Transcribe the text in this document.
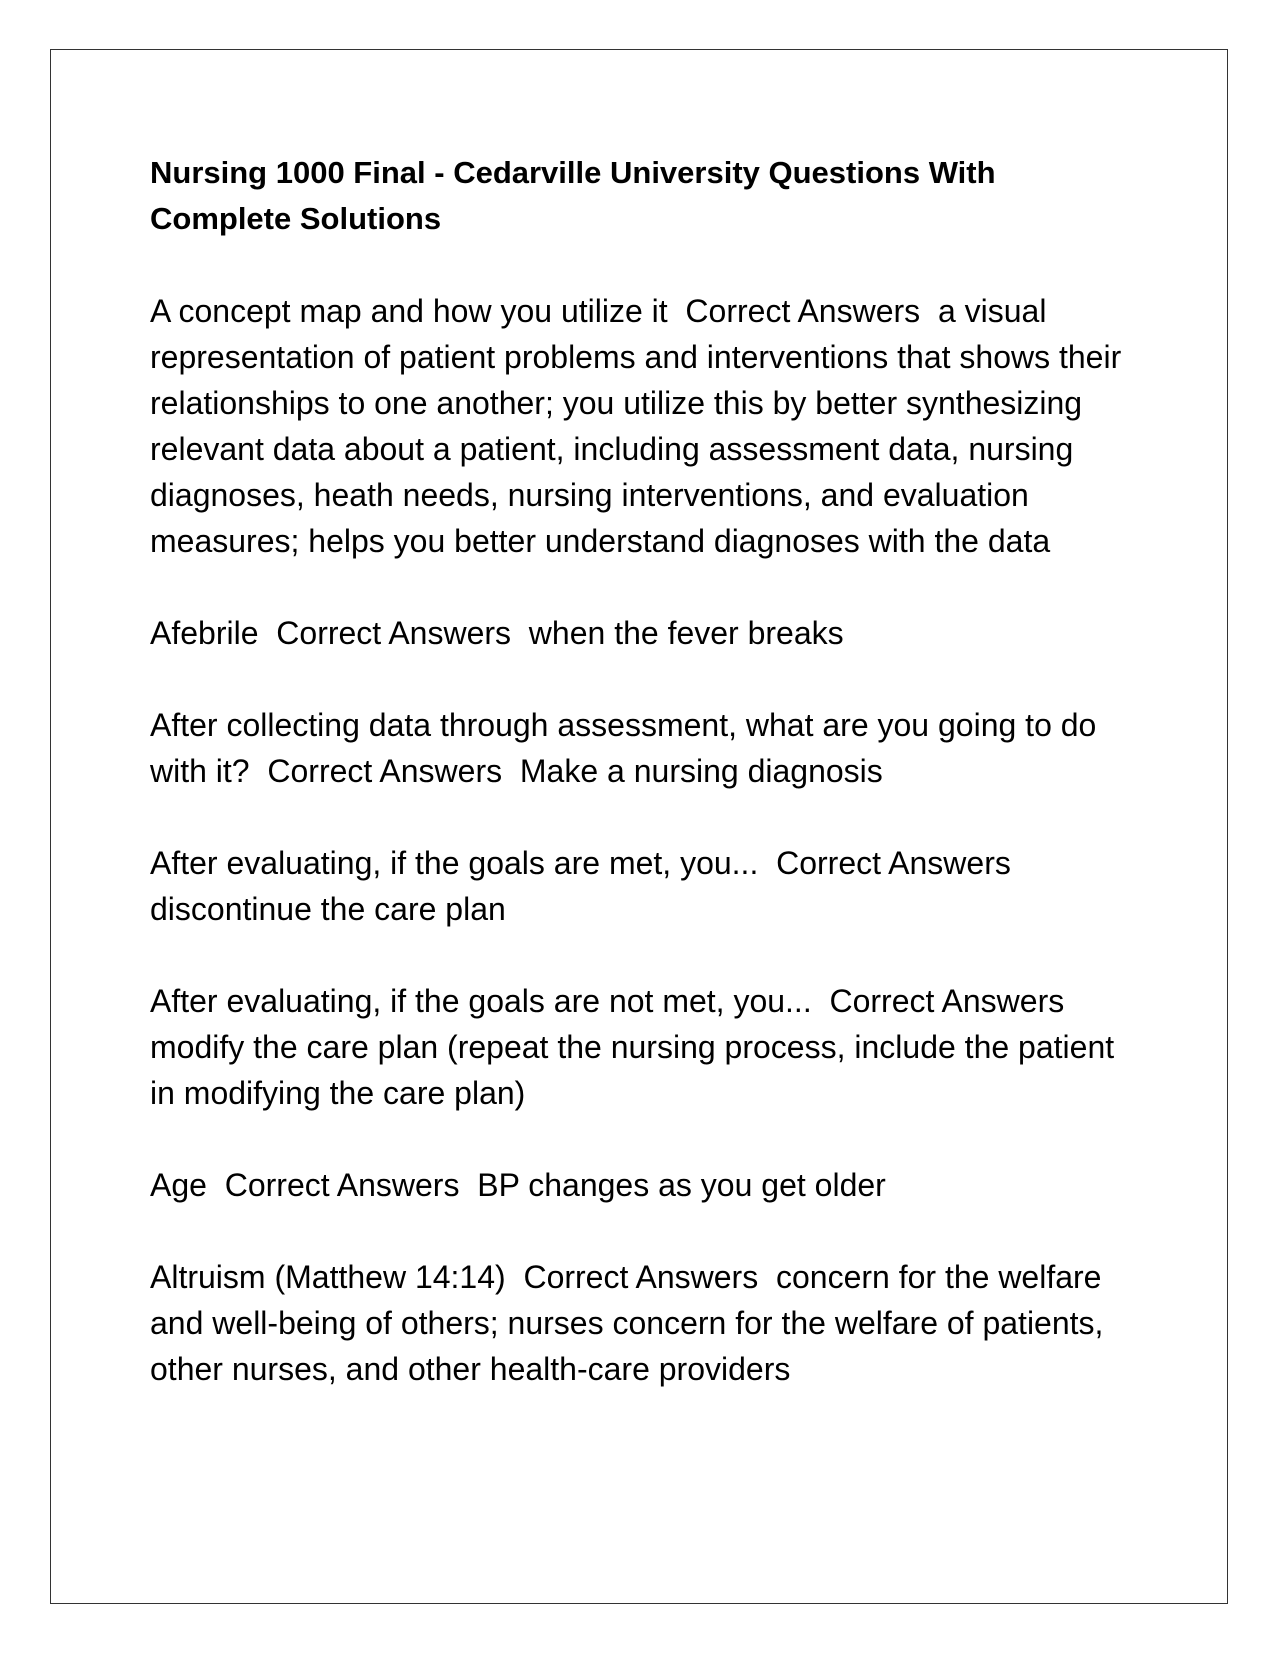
Nursing 1000 Final - Cedarville University Questions With Complete Solutions
A concept map and how you utilize it Correct Answers a visual representation of patient problems and interventions that shows their relationships to one another; you utilize this by better synthesizing relevant data about a patient, including assessment data, nursing diagnoses, heath needs, nursing interventions, and evaluation measures; helps you better understand diagnoses with the data
Afebrile Correct Answers when the fever breaks
After collecting data through assessment, what are you going to do with it? Correct Answers Make a nursing diagnosis
After evaluating, if the goals are met, you... Correct Answers  discontinue the care plan
After evaluating, if the goals are not met, you... Correct Answers  modify the care plan (repeat the nursing process, include the patient in modifying the care plan)
Age Correct Answers BP changes as you get older
Altruism (Matthew 14:14) Correct Answers concern for the welfare and well-being of others; nurses concern for the welfare of patients, other nurses, and other health-care providers
